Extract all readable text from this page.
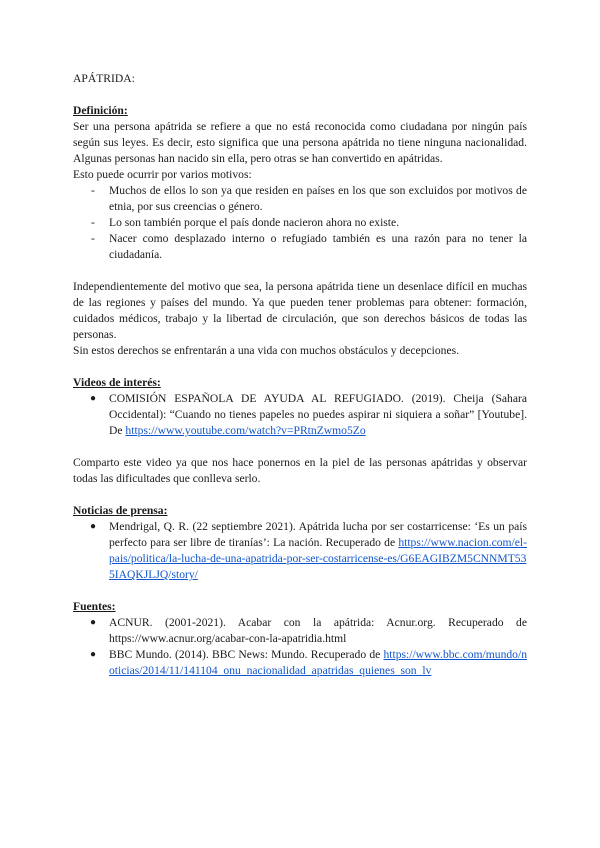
APÁTRIDA:

Definición:

Ser una persona apátrida se refiere a que no está reconocida como ciudadana por ningún país según sus leyes. Es decir, esto significa que una persona apátrida no tiene ninguna nacionalidad. Algunas personas han nacido sin ella, pero otras se han convertido en apátridas.

Esto puede ocurrir por varios motivos:

- Muchos de ellos lo son ya que residen en países en los que son excluidos por motivos de etnia, por sus creencias o género.
- Lo son también porque el país donde nacieron ahora no existe.
- Nacer como desplazado interno o refugiado también es una razón para no tener la ciudadanía.

Independientemente del motivo que sea, la persona apátrida tiene un desenlace difícil en muchas de las regiones y países del mundo. Ya que pueden tener problemas para obtener: formación, cuidados médicos, trabajo y la libertad de circulación, que son derechos básicos de todas las personas.

Sin estos derechos se enfrentarán a una vida con muchos obstáculos y decepciones.

Videos de interés:

● COMISIÓN ESPAÑOLA DE AYUDA AL REFUGIADO. (2019). Cheija (Sahara Occidental): “Cuando no tienes papeles no puedes aspirar ni siquiera a soñar” [Youtube]. De https://www.youtube.com/watch?v=PRtnZwmo5Zo

Comparto este video ya que nos hace ponernos en la piel de las personas apátridas y observar todas las dificultades que conlleva serlo.

Noticias de prensa:

● Mendrigal, Q. R. (22 septiembre 2021). Apátrida lucha por ser costarricense: ‘Es un país perfecto para ser libre de tiranías’: La nación. Recuperado de https://www.nacion.com/el-pais/politica/la-lucha-de-una-apatrida-por-ser-costarricense-es/G6EAGIBZM5CNNMT535IAQKJLJQ/story/

Fuentes:

● ACNUR. (2001-2021). Acabar con la apátrida: Acnur.org. Recuperado de https://www.acnur.org/acabar-con-la-apatridia.html
● BBC Mundo. (2014). BBC News: Mundo. Recuperado de https://www.bbc.com/mundo/noticias/2014/11/141104_onu_nacionalidad_apatridas_quienes_son_lv
